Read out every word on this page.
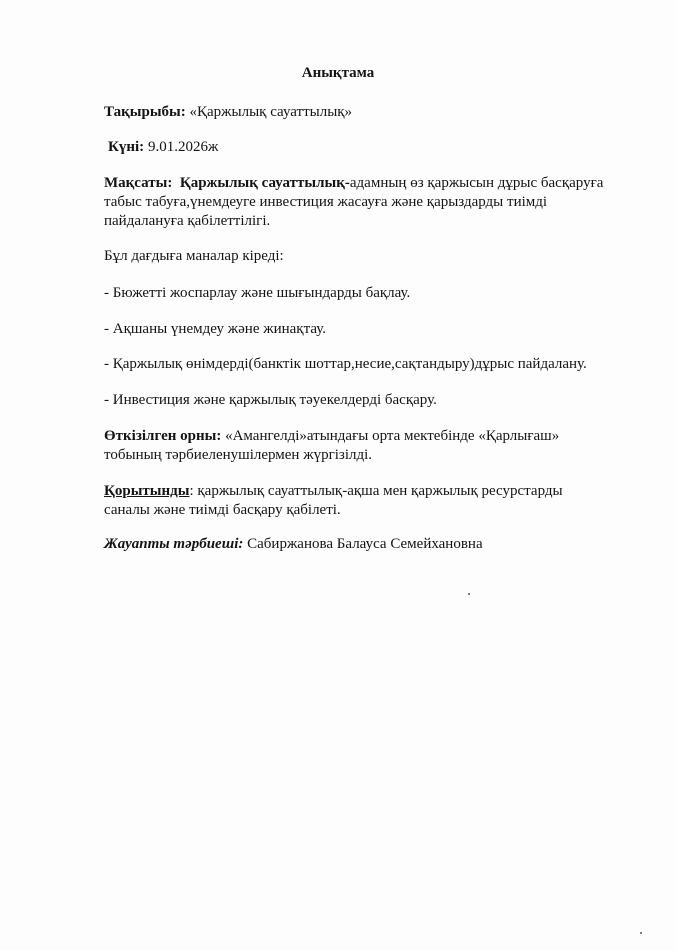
Анықтама
Тақырыбы: «Қаржылық сауаттылық»
Күні: 9.01.2026ж
Мақсаты: Қаржылық сауаттылық-адамның өз қаржысын дұрыс басқаруға табыс табуға,үнемдеуге инвестиция жасауға және қарыздарды тиімді пайдалануға қабілеттілігі.
Бұл дағдыға маналар кіреді:
- Бюжетті жоспарлау және шығындарды бақлау.
- Ақшаны үнемдеу және жинақтау.
- Қаржылық өнімдерді(банктік шоттар,несие,сақтандыру)дұрыс пайдалану.
- Инвестиция және қаржылық тәуекелдерді басқару.
Өткізілген орны: «Амангелді»атындағы орта мектебінде «Қарлығаш» тобының тәрбиеленушілермен жүргізілді.
Қорытынды: қаржылық сауаттылық-ақша мен қаржылық ресурстарды саналы және тиімді басқару қабілеті.
Жауапты тәрбиеші: Сабиржанова Балауса Семейхановна
